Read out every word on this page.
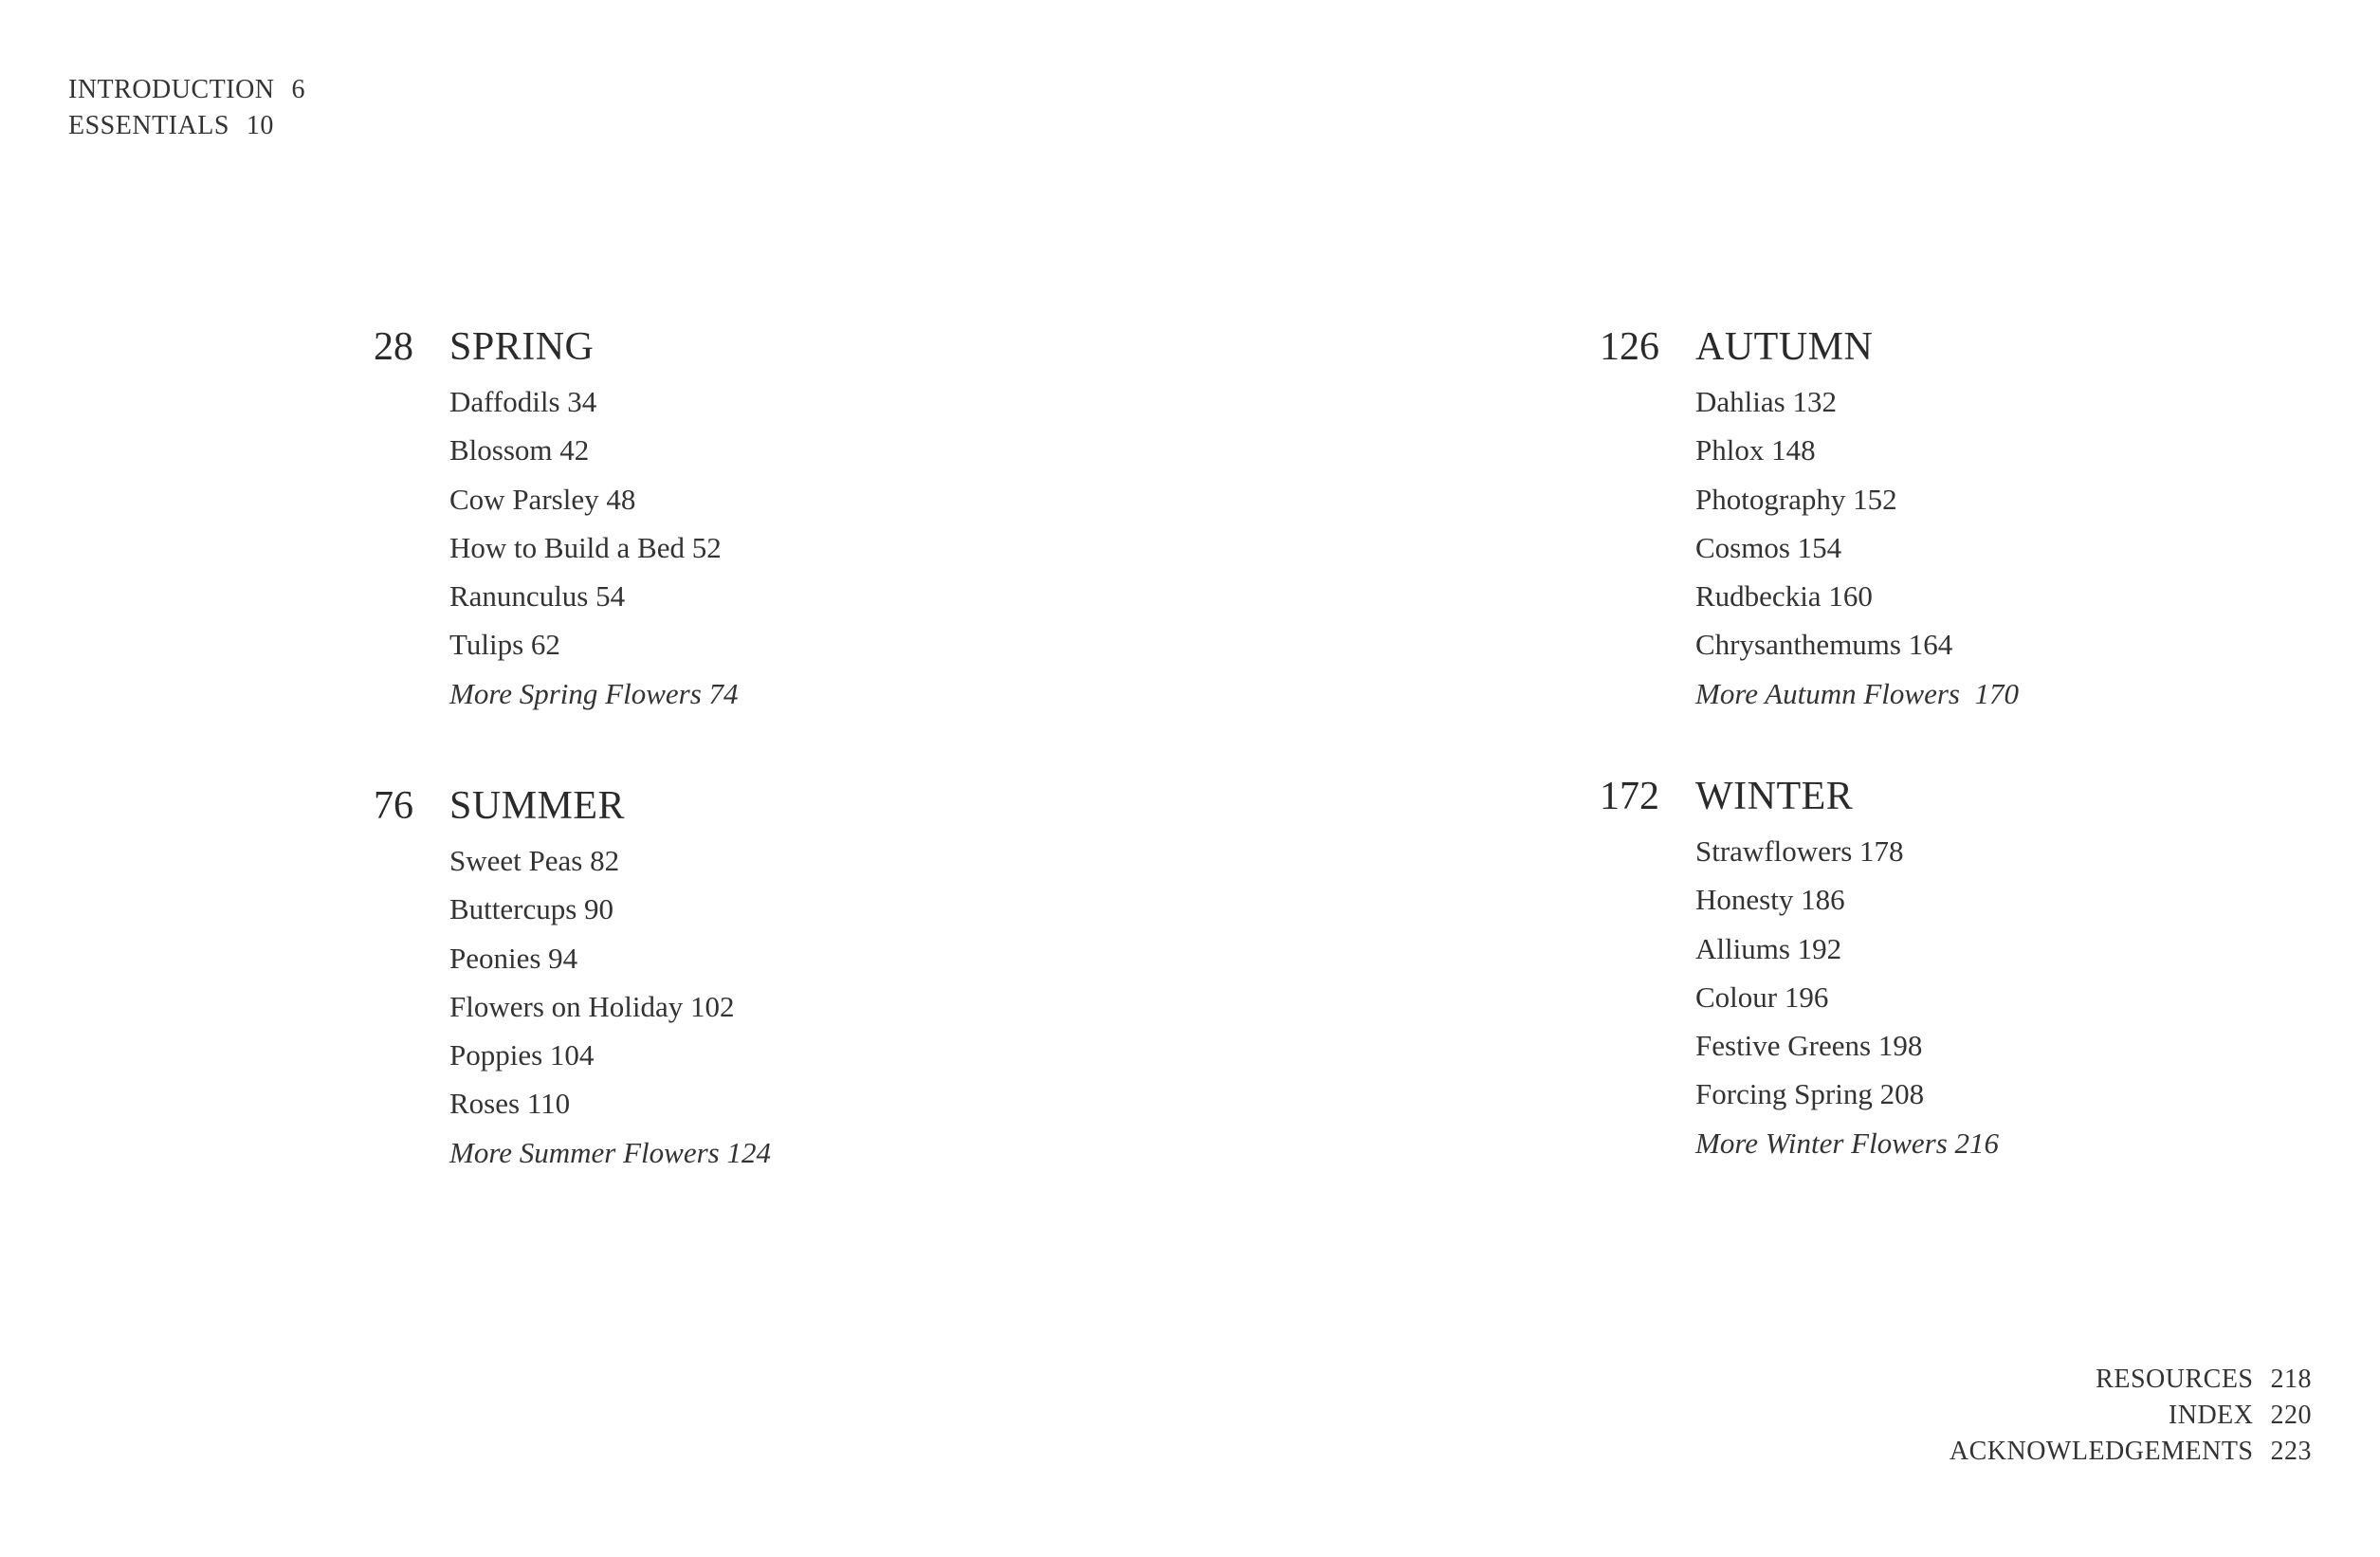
INTRODUCTION 6
ESSENTIALS 10
28 SPRING
Daffodils 34
Blossom 42
Cow Parsley 48
How to Build a Bed 52
Ranunculus 54
Tulips 62
More Spring Flowers 74
76 SUMMER
Sweet Peas 82
Buttercups 90
Peonies 94
Flowers on Holiday 102
Poppies 104
Roses 110
More Summer Flowers 124
126 AUTUMN
Dahlias 132
Phlox 148
Photography 152
Cosmos 154
Rudbeckia 160
Chrysanthemums 164
More Autumn Flowers  170
172 WINTER
Strawflowers 178
Honesty 186
Alliums 192
Colour 196
Festive Greens 198
Forcing Spring 208
More Winter Flowers 216
RESOURCES 218
INDEX 220
ACKNOWLEDGEMENTS 223
